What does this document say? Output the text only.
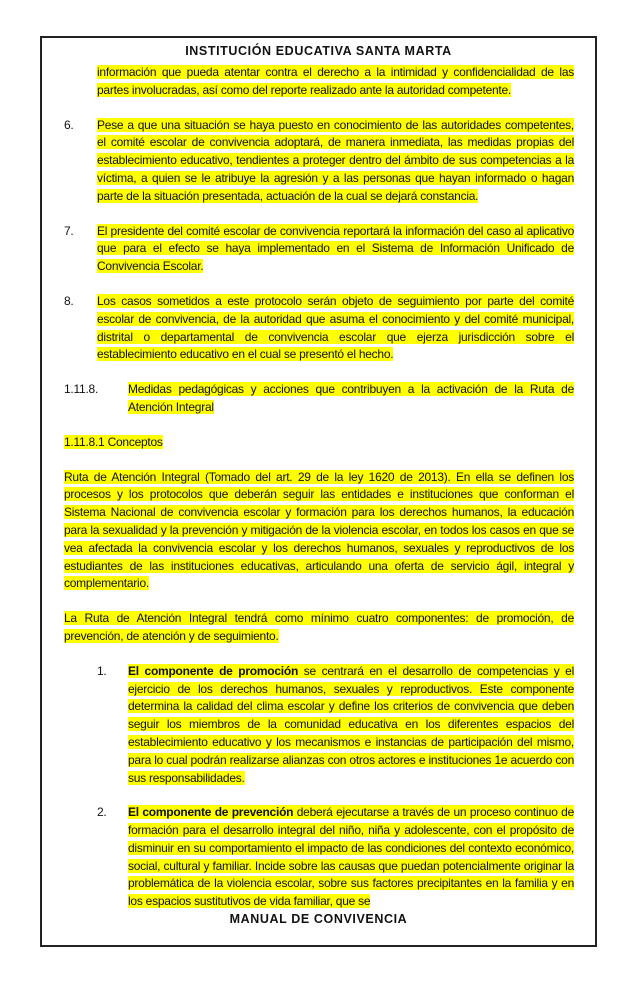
INSTITUCIÓN EDUCATIVA SANTA MARTA
información que pueda atentar contra el derecho a la intimidad y confidencialidad de las partes involucradas, así como del reporte realizado ante la autoridad competente.
6.	Pese a que una situación se haya puesto en conocimiento de las autoridades competentes, el comité escolar de convivencia adoptará, de manera inmediata, las medidas propias del establecimiento educativo, tendientes a proteger dentro del ámbito de sus competencias a la víctima, a quien se le atribuye la agresión y a las personas que hayan informado o hagan parte de la situación presentada, actuación de la cual se dejará constancia.
7.	El presidente del comité escolar de convivencia reportará la información del caso al aplicativo que para el efecto se haya implementado en el Sistema de Información Unificado de Convivencia Escolar.
8.	Los casos sometidos a este protocolo serán objeto de seguimiento por parte del comité escolar de convivencia, de la autoridad que asuma el conocimiento y del comité municipal, distrital o departamental de convivencia escolar que ejerza jurisdicción sobre el establecimiento educativo en el cual se presentó el hecho.
1.11.8.	Medidas pedagógicas y acciones que contribuyen a la activación de la Ruta de Atención Integral

1.11.8.1 Conceptos

Ruta de Atención Integral (Tomado del art. 29 de la ley 1620 de 2013). En ella se definen los procesos y los protocolos que deberán seguir las entidades e instituciones que conforman el Sistema Nacional de convivencia escolar y formación para los derechos humanos, la educación para la sexualidad y la prevención y mitigación de la violencia escolar, en todos los casos en que se vea afectada la convivencia escolar y los derechos humanos, sexuales y reproductivos de los estudiantes de las instituciones educativas, articulando una oferta de servicio ágil, integral y complementario.

La Ruta de Atención Integral tendrá como mínimo cuatro componentes: de promoción, de prevención, de atención y de seguimiento.

1.	El componente de promoción se centrará en el desarrollo de competencias y el ejercicio de los derechos humanos, sexuales y reproductivos. Este componente determina la calidad del clima escolar y define los criterios de convivencia que deben seguir los miembros de la comunidad educativa en los diferentes espacios del establecimiento educativo y los mecanismos e instancias de participación del mismo, para lo cual podrán realizarse alianzas con otros actores e instituciones 1e acuerdo con sus responsabilidades.
2.	El componente de prevención deberá ejecutarse a través de un proceso continuo de formación para el desarrollo integral del niño, niña y adolescente, con el propósito de disminuir en su comportamiento el impacto de las condiciones del contexto económico, social, cultural y familiar. Incide sobre las causas que puedan potencialmente originar la problemática de la violencia escolar, sobre sus factores precipitantes en la familia y en los espacios sustitutivos de vida familiar, que se
MANUAL DE CONVIVENCIA
